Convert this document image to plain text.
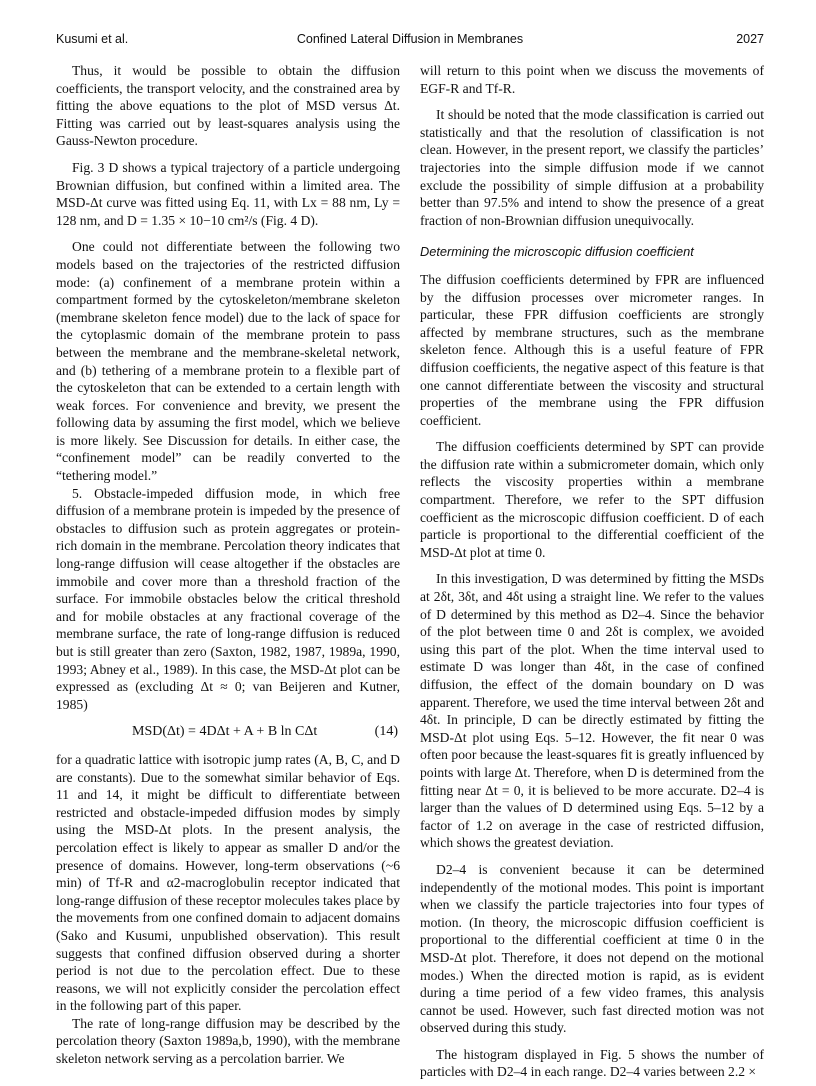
Kusumi et al.	Confined Lateral Diffusion in Membranes	2027

Thus, it would be possible to obtain the diffusion coefficients, the transport velocity, and the constrained area by fitting the above equations to the plot of MSD versus Δt. Fitting was carried out by least-squares analysis using the Gauss-Newton procedure.

Fig. 3 D shows a typical trajectory of a particle undergoing Brownian diffusion, but confined within a limited area. The MSD-Δt curve was fitted using Eq. 11, with Lx = 88 nm, Ly = 128 nm, and D = 1.35 × 10−10 cm²/s (Fig. 4 D).

One could not differentiate between the following two models based on the trajectories of the restricted diffusion mode: (a) confinement of a membrane protein within a compartment formed by the cytoskeleton/membrane skeleton (membrane skeleton fence model) due to the lack of space for the cytoplasmic domain of the membrane protein to pass between the membrane and the membrane-skeletal network, and (b) tethering of a membrane protein to a flexible part of the cytoskeleton that can be extended to a certain length with weak forces. For convenience and brevity, we present the following data by assuming the first model, which we believe is more likely. See Discussion for details. In either case, the “confinement model” can be readily converted to the “tethering model.”

5. Obstacle-impeded diffusion mode, in which free diffusion of a membrane protein is impeded by the presence of obstacles to diffusion such as protein aggregates or protein-rich domain in the membrane. Percolation theory indicates that long-range diffusion will cease altogether if the obstacles are immobile and cover more than a threshold fraction of the surface. For immobile obstacles below the critical threshold and for mobile obstacles at any fractional coverage of the membrane surface, the rate of long-range diffusion is reduced but is still greater than zero (Saxton, 1982, 1987, 1989a, 1990, 1993; Abney et al., 1989). In this case, the MSD-Δt plot can be expressed as (excluding Δt ≈ 0; van Beijeren and Kutner, 1985)

MSD(Δt) = 4DΔt + A + B ln CΔt	(14)

for a quadratic lattice with isotropic jump rates (A, B, C, and D are constants). Due to the somewhat similar behavior of Eqs. 11 and 14, it might be difficult to differentiate between restricted and obstacle-impeded diffusion modes by simply using the MSD-Δt plots. In the present analysis, the percolation effect is likely to appear as smaller D and/or the presence of domains. However, long-term observations (~6 min) of Tf-R and α2-macroglobulin receptor indicated that long-range diffusion of these receptor molecules takes place by the movements from one confined domain to adjacent domains (Sako and Kusumi, unpublished observation). This result suggests that confined diffusion observed during a shorter period is not due to the percolation effect. Due to these reasons, we will not explicitly consider the percolation effect in the following part of this paper.

The rate of long-range diffusion may be described by the percolation theory (Saxton 1989a,b, 1990), with the membrane skeleton network serving as a percolation barrier. We

will return to this point when we discuss the movements of EGF-R and Tf-R.

It should be noted that the mode classification is carried out statistically and that the resolution of classification is not clean. However, in the present report, we classify the particles’ trajectories into the simple diffusion mode if we cannot exclude the possibility of simple diffusion at a probability better than 97.5% and intend to show the presence of a great fraction of non-Brownian diffusion unequivocally.

Determining the microscopic diffusion coefficient

The diffusion coefficients determined by FPR are influenced by the diffusion processes over micrometer ranges. In particular, these FPR diffusion coefficients are strongly affected by membrane structures, such as the membrane skeleton fence. Although this is a useful feature of FPR diffusion coefficients, the negative aspect of this feature is that one cannot differentiate between the viscosity and structural properties of the membrane using the FPR diffusion coefficient.

The diffusion coefficients determined by SPT can provide the diffusion rate within a submicrometer domain, which only reflects the viscosity properties within a membrane compartment. Therefore, we refer to the SPT diffusion coefficient as the microscopic diffusion coefficient. D of each particle is proportional to the differential coefficient of the MSD-Δt plot at time 0.

In this investigation, D was determined by fitting the MSDs at 2δt, 3δt, and 4δt using a straight line. We refer to the values of D determined by this method as D2–4. Since the behavior of the plot between time 0 and 2δt is complex, we avoided using this part of the plot. When the time interval used to estimate D was longer than 4δt, in the case of confined diffusion, the effect of the domain boundary on D was apparent. Therefore, we used the time interval between 2δt and 4δt. In principle, D can be directly estimated by fitting the MSD-Δt plot using Eqs. 5–12. However, the fit near 0 was often poor because the least-squares fit is greatly influenced by points with large Δt. Therefore, when D is determined from the fitting near Δt = 0, it is believed to be more accurate. D2–4 is larger than the values of D determined using Eqs. 5–12 by a factor of 1.2 on average in the case of restricted diffusion, which shows the greatest deviation.

D2–4 is convenient because it can be determined independently of the motional modes. This point is important when we classify the particle trajectories into four types of motion. (In theory, the microscopic diffusion coefficient is proportional to the differential coefficient at time 0 in the MSD-Δt plot. Therefore, it does not depend on the motional modes.) When the directed motion is rapid, as is evident during a time period of a few video frames, this analysis cannot be used. However, such fast directed motion was not observed during this study.

The histogram displayed in Fig. 5 shows the number of particles with D2–4 in each range. D2–4 varies between 2.2 ×
